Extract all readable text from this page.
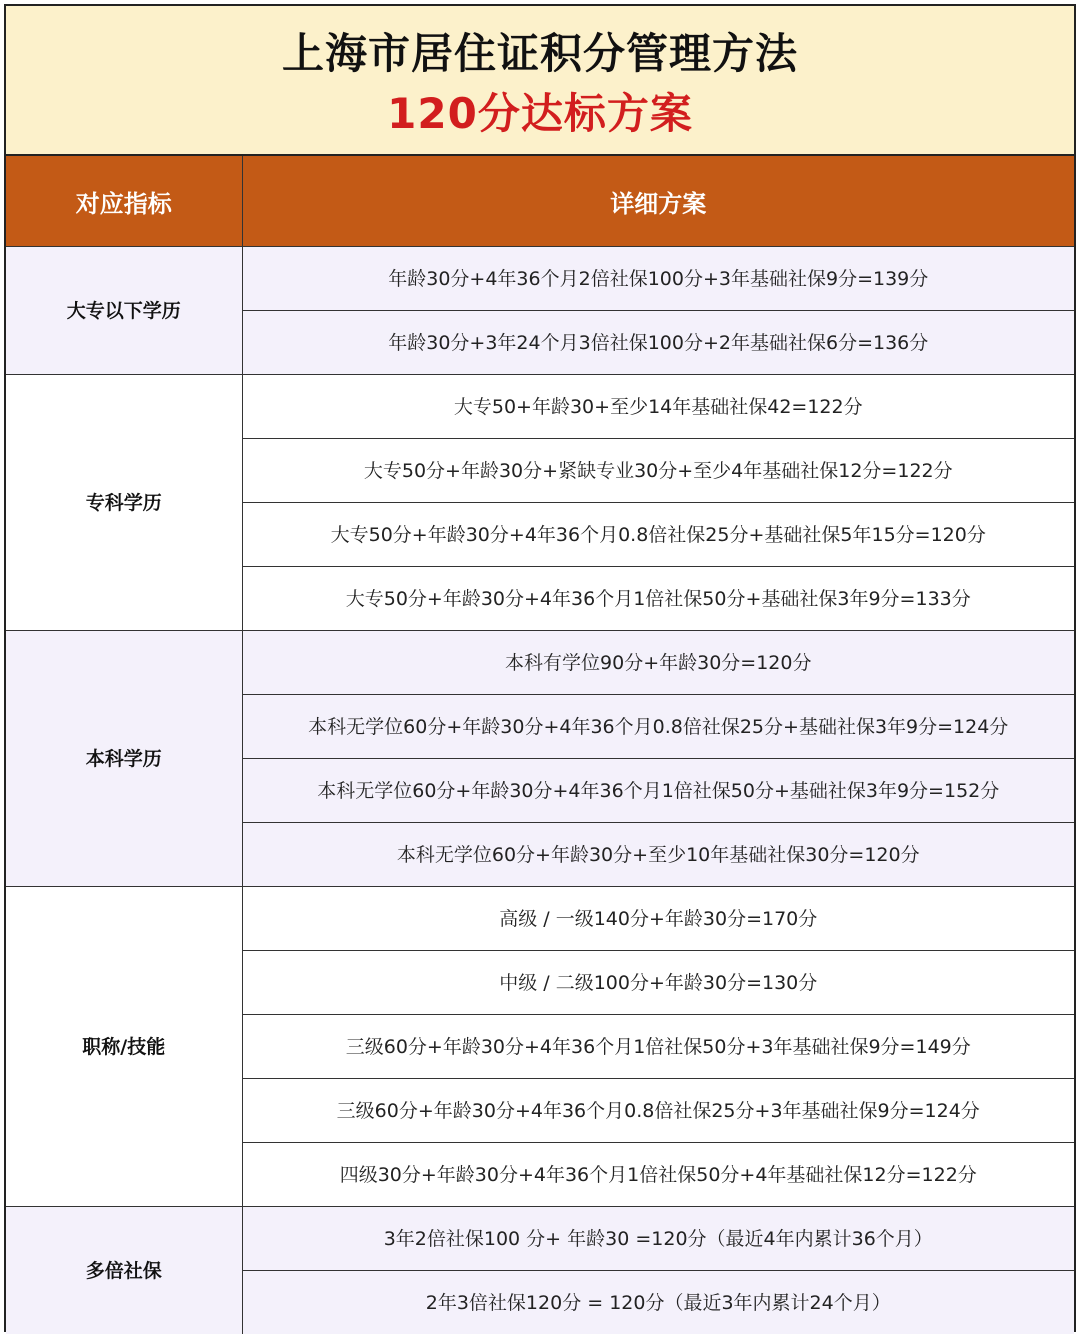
上海市居住证积分管理方法
120分达标方案
对应指标	详细方案
大专以下学历	年龄30分+4年36个月2倍社保100分+3年基础社保9分=139分
	年龄30分+3年24个月3倍社保100分+2年基础社保6分=136分
专科学历	大专50+年龄30+至少14年基础社保42=122分
	大专50分+年龄30分+紧缺专业30分+至少4年基础社保12分=122分
	大专50分+年龄30分+4年36个月0.8倍社保25分+基础社保5年15分=120分
	大专50分+年龄30分+4年36个月1倍社保50分+基础社保3年9分=133分
本科学历	本科有学位90分+年龄30分=120分
	本科无学位60分+年龄30分+4年36个月0.8倍社保25分+基础社保3年9分=124分
	本科无学位60分+年龄30分+4年36个月1倍社保50分+基础社保3年9分=152分
	本科无学位60分+年龄30分+至少10年基础社保30分=120分
职称/技能	高级 / 一级140分+年龄30分=170分
	中级 / 二级100分+年龄30分=130分
	三级60分+年龄30分+4年36个月1倍社保50分+3年基础社保9分=149分
	三级60分+年龄30分+4年36个月0.8倍社保25分+3年基础社保9分=124分
	四级30分+年龄30分+4年36个月1倍社保50分+4年基础社保12分=122分
多倍社保	3年2倍社保100 分+ 年龄30 =120分（最近4年内累计36个月）
	2年3倍社保120分 = 120分（最近3年内累计24个月）
